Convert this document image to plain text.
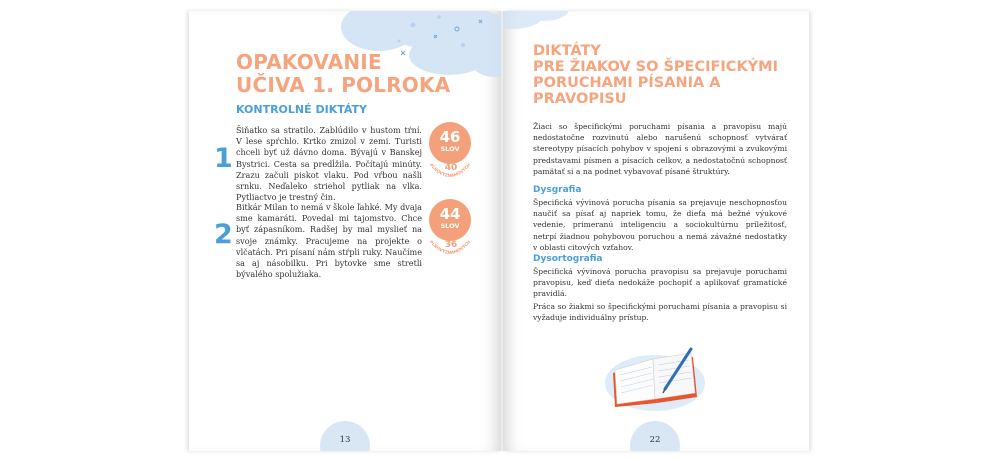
OPAKOVANIE
UČIVA 1. POLROKA
KONTROLNÉ DIKTÁTY
1

Šiňatko sa stratilo. Zablúdilo v hustom tŕní. V lese spŕchlo. Krtko zmizol v zemi. Turisti chceli byť už dávno doma. Bývajú v Banskej Bystrici. Cesta sa predĺžila. Počítajú minúty. Zrazu začuli piskot vlaku. Pod vŕbou našli srnku. Neďaleko striehol pytliak na vlka. Pytliactvo je trestný čin.

46
SLOV
40
PLNOVÝZNAMOVÝCH
2

Bitkár Milan to nemá v škole ľahké. My dvaja sme kamaráti. Povedal mi tajomstvo. Chce byť zápasníkom. Radšej by mal myslieť na svoje známky. Pracujeme na projekte o vlčatách. Pri písaní nám stŕpli ruky. Naučíme sa aj násobilku. Pri bytovke sme stretli bývalého spolužiaka.

44
SLOV
36
PLNOVÝZNAMOVÝCH
13
DIKTÁTY
PRE ŽIAKOV SO ŠPECIFICKÝMI
PORUCHAMI PÍSANIA A PRAVOPISU

Žiaci so špecifickými poruchami písania a pravopisu majú nedostatočne rozvinutú alebo narušenú schopnosť vytvárať stereotypy písacích pohybov v spojení s obrazovými a zvukovými predstavami písmen a písacích celkov, a nedostatočnú schopnosť pamätať si a na podnet vybavovať písané štruktúry.

Dysgrafia

Špecifická vývinová porucha písania sa prejavuje neschopnosťou naučiť sa písať aj napriek tomu, že dieťa má bežné výukové vedenie, primeranú inteligenciu a sociokultúrnu príležitosť, netrpí žiadnou pohybovou poruchou a nemá závažné nedostatky v oblasti citových vzťahov.

Dysortografia

Špecifická vývinová porucha pravopisu sa prejavuje poruchami pravopisu, keď dieťa nedokáže pochopiť a aplikovať gramatické pravidlá.

Práca so žiakmi so špecifickými poruchami písania a pravopisu si vyžaduje individuálny prístup.

22
